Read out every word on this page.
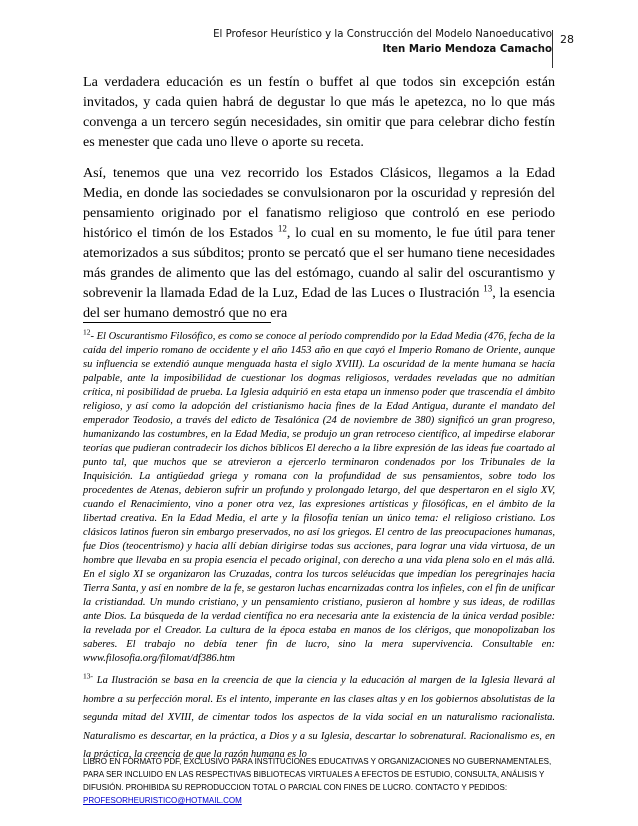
El Profesor Heurístico y la Construcción del Modelo Nanoeducativo
Iten Mario Mendoza Camacho
28

La verdadera educación es un festín o buffet al que todos sin excepción están invitados, y cada quien habrá de degustar lo que más le apetezca, no lo que más convenga a un tercero según necesidades, sin omitir que para celebrar dicho festín es menester que cada uno lleve o aporte su receta.

Así, tenemos que una vez recorrido los Estados Clásicos, llegamos a la Edad Media, en donde las sociedades se convulsionaron por la oscuridad y represión del pensamiento originado por el fanatismo religioso que controló en ese periodo histórico el timón de los Estados $^{12}$, lo cual en su momento, le fue útil para tener atemorizados a sus súbditos; pronto se percató que el ser humano tiene necesidades más grandes de alimento que las del estómago, cuando al salir del oscurantismo y sobrevenir la llamada Edad de la Luz, Edad de las Luces o Ilustración $^{13}$, la esencia del ser humano demostró que no era

$^{12}$- El Oscurantismo Filosófico, es como se conoce al período comprendido por la Edad Media (476, fecha de la caída del imperio romano de occidente y el año 1453 año en que cayó el Imperio Romano de Oriente, aunque su influencia se extendió aunque menguada hasta el siglo XVIII). La oscuridad de la mente humana se hacía palpable, ante la imposibilidad de cuestionar los dogmas religiosos, verdades reveladas que no admitían crítica, ni posibilidad de prueba. La Iglesia adquirió en esta etapa un inmenso poder que trascendía el ámbito religioso, y así como la adopción del cristianismo hacia fines de la Edad Antigua, durante el mandato del emperador Teodosio, a través del edicto de Tesalónica (24 de noviembre de 380) significó un gran progreso, humanizando las costumbres, en la Edad Media, se produjo un gran retroceso científico, al impedirse elaborar teorías que pudieran contradecir los dichos bíblicos El derecho a la libre expresión de las ideas fue coartado al punto tal, que muchos que se atrevieron a ejercerlo terminaron condenados por los Tribunales de la Inquisición. La antigüedad griega y romana con la profundidad de sus pensamientos, sobre todo los procedentes de Atenas, debieron sufrir un profundo y prolongado letargo, del que despertaron en el siglo XV, cuando el Renacimiento, vino a poner otra vez, las expresiones artísticas y filosóficas, en el ámbito de la libertad creativa. En la Edad Media, el arte y la filosofía tenían un único tema: el religioso cristiano. Los clásicos latinos fueron sin embargo preservados, no así los griegos. El centro de las preocupaciones humanas, fue Dios (teocentrismo) y hacia allí debían dirigirse todas sus acciones, para lograr una vida virtuosa, de un hombre que llevaba en su propia esencia el pecado original, con derecho a una vida plena solo en el más allá. En el siglo XI se organizaron las Cruzadas, contra los turcos seléucidas que impedían los peregrinajes hacia Tierra Santa, y así en nombre de la fe, se gestaron luchas encarnizadas contra los infieles, con el fin de unificar la cristiandad. Un mundo cristiano, y un pensamiento cristiano, pusieron al hombre y sus ideas, de rodillas ante Dios. La búsqueda de la verdad científica no era necesaria ante la existencia de la única verdad posible: la revelada por el Creador. La cultura de la época estaba en manos de los clérigos, que monopolizaban los saberes. El trabajo no debía tener fin de lucro, sino la mera supervivencia. Consultable en: www.filosofia.org/filomat/df386.htm

$^{13-}$ La Ilustración se basa en la creencia de que la ciencia y la educación al margen de la Iglesia llevará al hombre a su perfección moral. Es el intento, imperante en las clases altas y en los gobiernos absolutistas de la segunda mitad del XVIII, de cimentar todos los aspectos de la vida social en un naturalismo racionalista. Naturalismo es descartar, en la práctica, a Dios y a su Iglesia, descartar lo sobrenatural. Racionalismo es, en la práctica, la creencia de que la razón humana es lo

LIBRO EN FORMATO PDF, EXCLUSIVO PARA INSTITUCIONES EDUCATIVAS Y ORGANIZACIONES NO GUBERNAMENTALES, PARA SER INCLUIDO EN LAS RESPECTIVAS BIBLIOTECAS VIRTUALES A EFECTOS DE ESTUDIO, CONSULTA, ANÁLISIS Y DIFUSIÓN. PROHIBIDA SU REPRODUCCION TOTAL O PARCIAL CON FINES DE LUCRO. CONTACTO Y PEDIDOS: PROFESORHEURISTICO@HOTMAIL.COM
